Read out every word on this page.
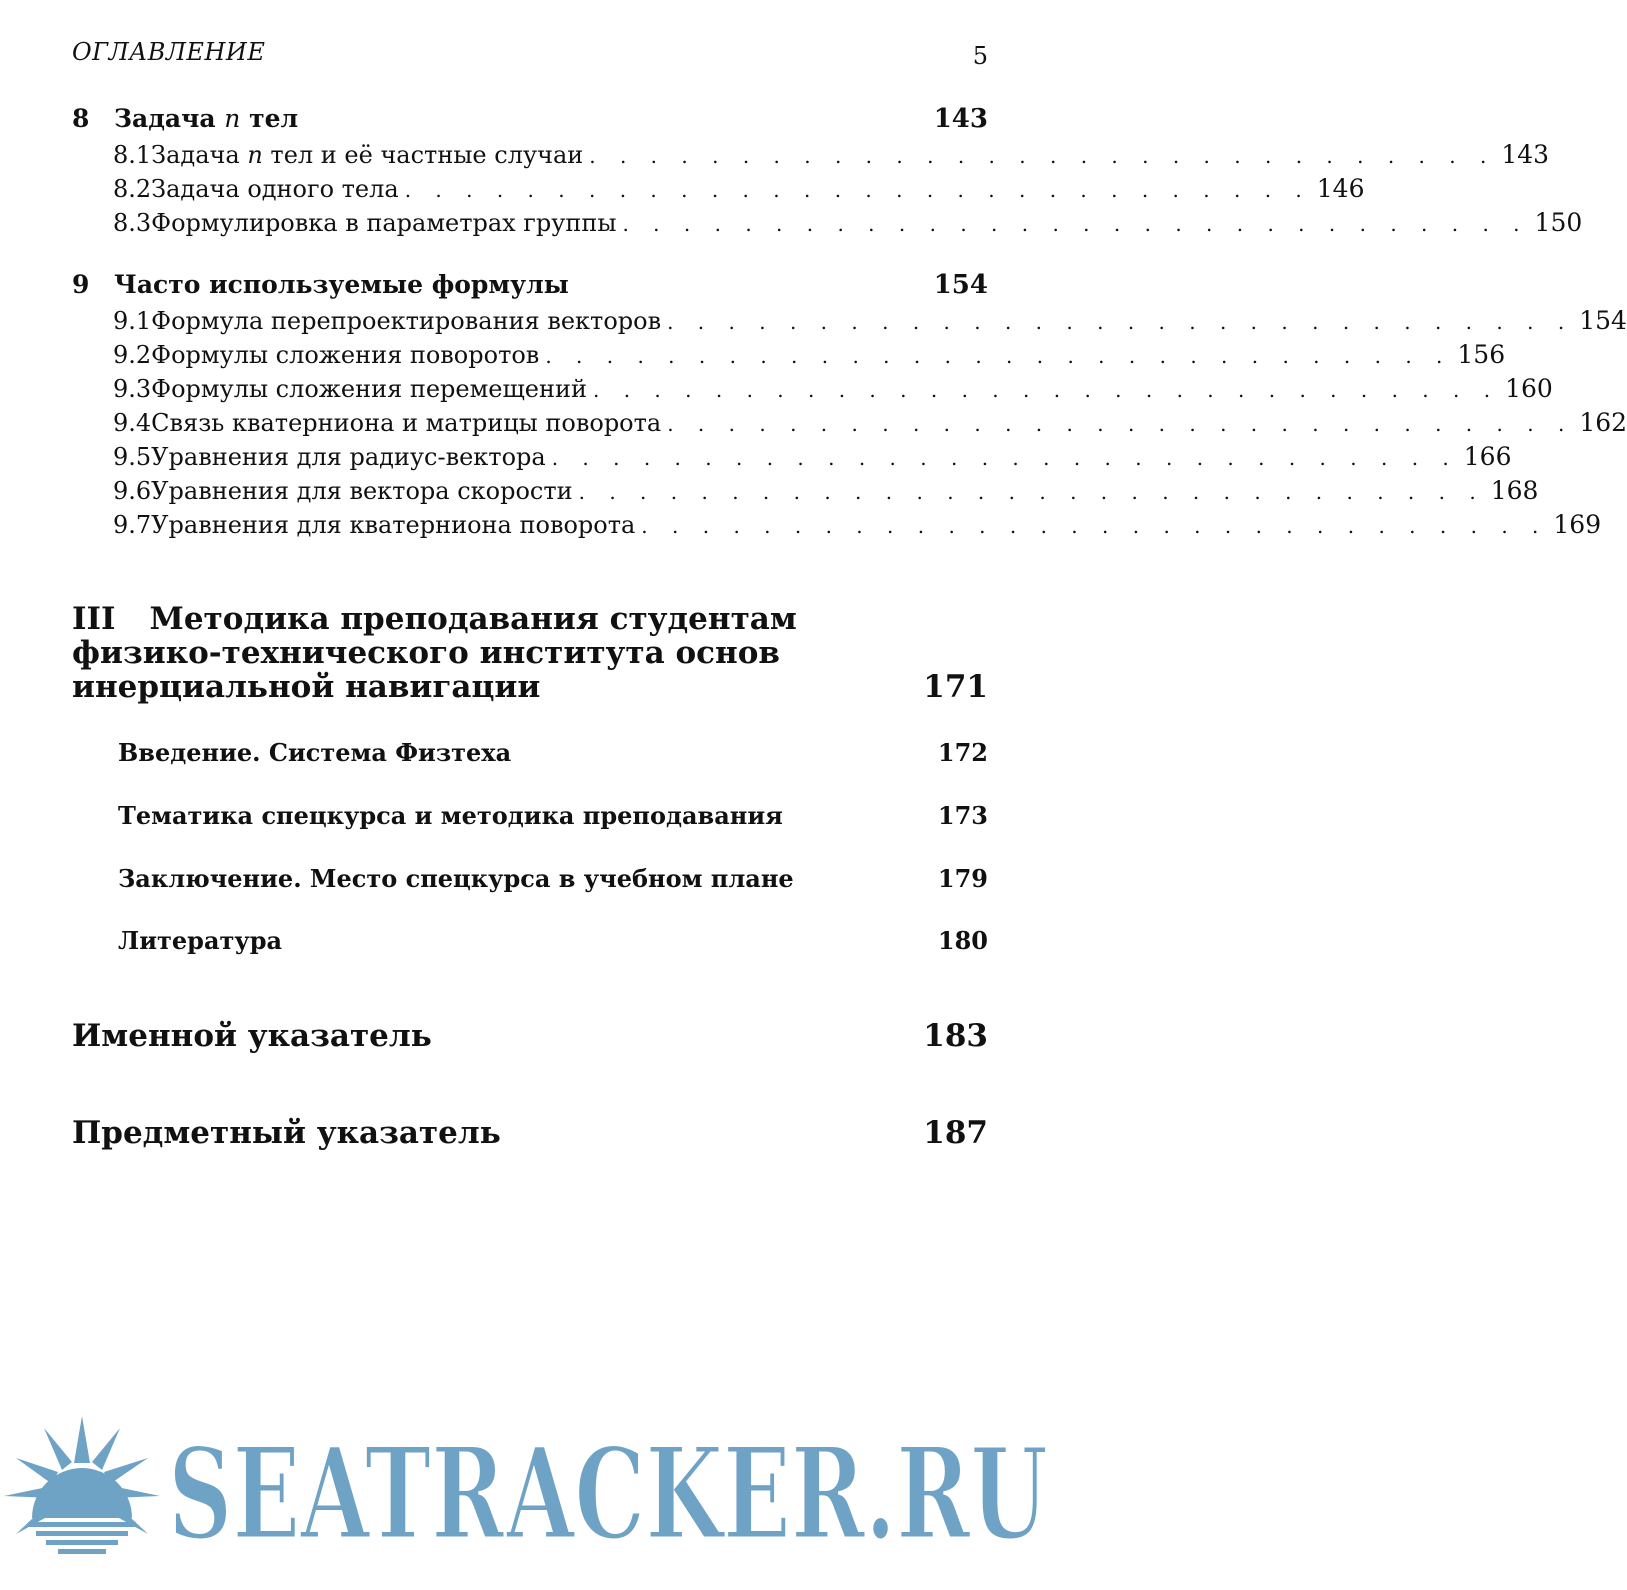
ОГЛАВЛЕНИЕ	5
8 Задача n тел	143
8.1 Задача n тел и её частные случаи . . . . . . . . . . . . . . . . . . . . . . . . . . . . . . 143
8.2 Задача одного тела . . . . . . . . . . . . . . . . . . . . . . . . . . . . . . 146
8.3 Формулировка в параметрах группы . . . . . . . . . . . . . . . . . . . . . . . . . . . . . . 150
9 Часто используемые формулы	154
9.1 Формула перепроектирования векторов . . . . . . . . . . . . . . . . . . . . . . . . . . . . . . 154
9.2 Формулы сложения поворотов . . . . . . . . . . . . . . . . . . . . . . . . . . . . . . 156
9.3 Формулы сложения перемещений . . . . . . . . . . . . . . . . . . . . . . . . . . . . . . 160
9.4 Связь кватерниона и матрицы поворота . . . . . . . . . . . . . . . . . . . . . . . . . . . . . . 162
9.5 Уравнения для радиус-вектора . . . . . . . . . . . . . . . . . . . . . . . . . . . . . . 166
9.6 Уравнения для вектора скорости . . . . . . . . . . . . . . . . . . . . . . . . . . . . . . 168
9.7 Уравнения для кватерниона поворота . . . . . . . . . . . . . . . . . . . . . . . . . . . . . . 169
III Методика преподавания студентам
физико-технического института основ
инерциальной навигации	171
Введение. Система Физтеха	172
Тематика спецкурса и методика преподавания	173
Заключение. Место спецкурса в учебном плане	179
Литература	180
Именной указатель	183
Предметный указатель	187
SEATRACKER.RU
